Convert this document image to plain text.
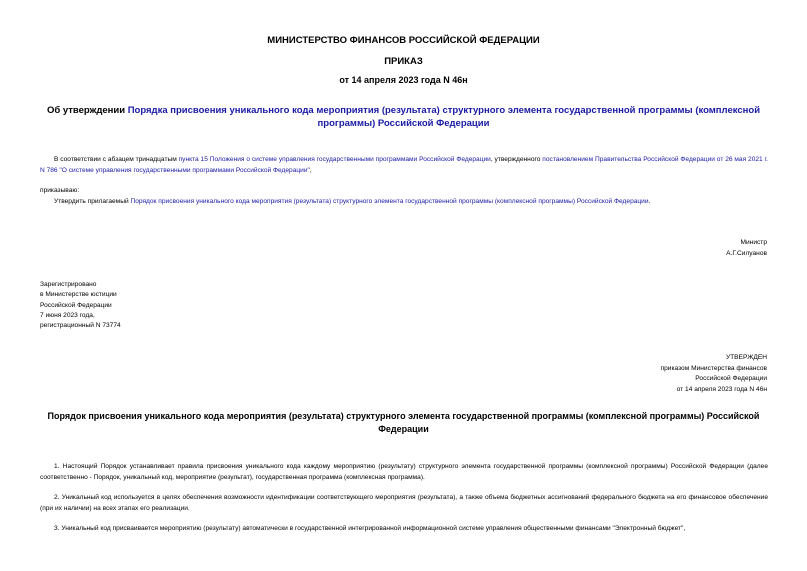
МИНИСТЕРСТВО ФИНАНСОВ РОССИЙСКОЙ ФЕДЕРАЦИИ
ПРИКАЗ
от 14 апреля 2023 года N 46н
Об утверждении Порядка присвоения уникального кода мероприятия (результата) структурного элемента государственной программы (комплексной программы) Российской Федерации
В соответствии с абзацем тринадцатым пункта 15 Положения о системе управления государственными программами Российской Федерации, утвержденного постановлением Правительства Российской Федерации от 26 мая 2021 г. N 786 "О системе управления государственными программами Российской Федерации",
приказываю:
Утвердить прилагаемый Порядок присвоения уникального кода мероприятия (результата) структурного элемента государственной программы (комплексной программы) Российской Федерации.
Министр
А.Г.Силуанов
Зарегистрировано
в Министерстве юстиции
Российской Федерации
7 июня 2023 года,
регистрационный N 73774
УТВЕРЖДЕН
приказом Министерства финансов
Российской Федерации
от 14 апреля 2023 года N 46н
Порядок присвоения уникального кода мероприятия (результата) структурного элемента государственной программы (комплексной программы) Российской Федерации
1. Настоящий Порядок устанавливает правила присвоения уникального кода каждому мероприятию (результату) структурного элемента государственной программы (комплексной программы) Российской Федерации (далее соответственно - Порядок, уникальный код, мероприятие (результат), государственная программа (комплексная программа).
2. Уникальный код используется в целях обеспечения возможности идентификации соответствующего мероприятия (результата), а также объема бюджетных ассигнований федерального бюджета на его финансовое обеспечение (при их наличии) на всех этапах его реализации.
3. Уникальный код присваивается мероприятию (результату) автоматически в государственной интегрированной информационной системе управления общественными финансами "Электронный бюджет",
